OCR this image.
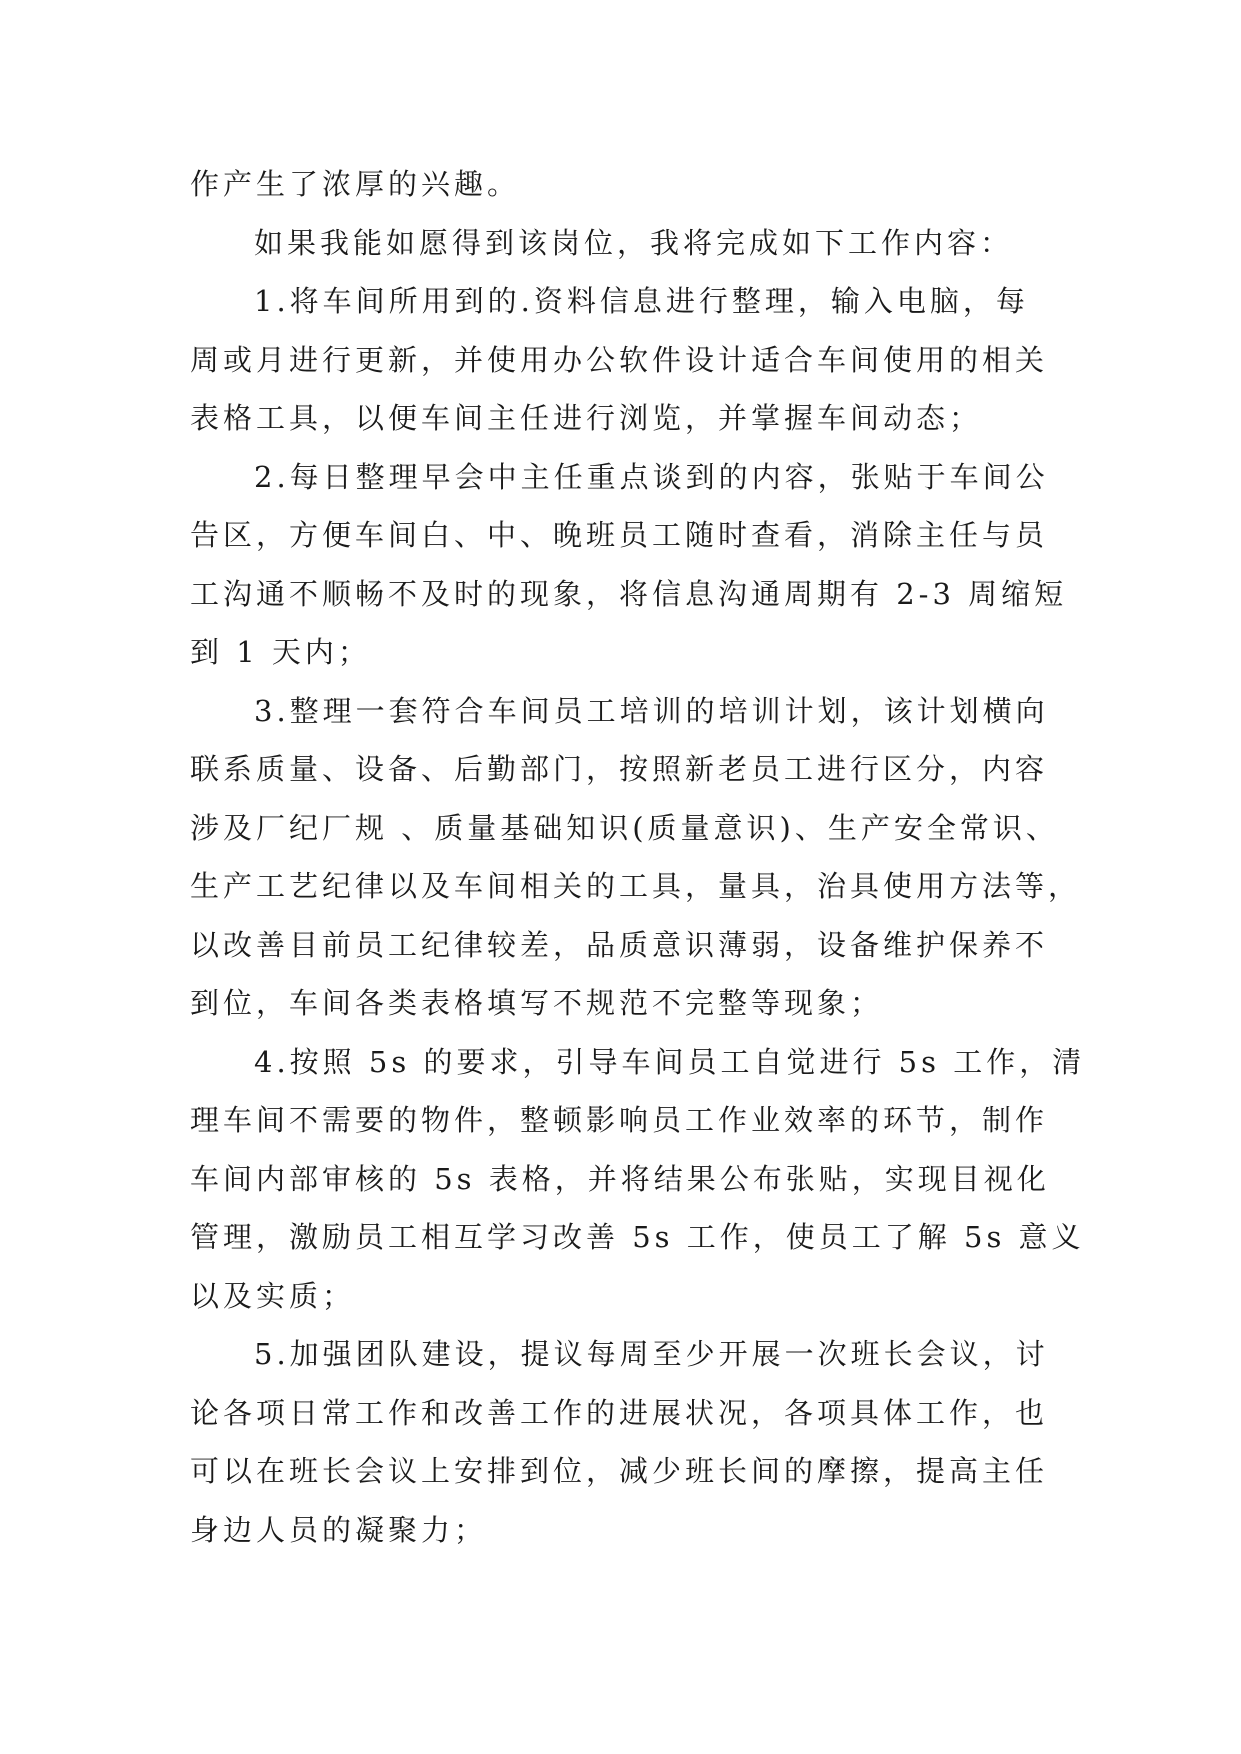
作产生了浓厚的兴趣。
如果我能如愿得到该岗位，我将完成如下工作内容：
1.将车间所用到的.资料信息进行整理，输入电脑，每
周或月进行更新，并使用办公软件设计适合车间使用的相关
表格工具，以便车间主任进行浏览，并掌握车间动态；
2.每日整理早会中主任重点谈到的内容，张贴于车间公
告区，方便车间白、中、晚班员工随时查看，消除主任与员
工沟通不顺畅不及时的现象，将信息沟通周期有 2-3 周缩短
到 1 天内；
3.整理一套符合车间员工培训的培训计划，该计划横向
联系质量、设备、后勤部门，按照新老员工进行区分，内容
涉及厂纪厂规 、质量基础知识(质量意识)、生产安全常识、
生产工艺纪律以及车间相关的工具，量具，治具使用方法等，
以改善目前员工纪律较差，品质意识薄弱，设备维护保养不
到位，车间各类表格填写不规范不完整等现象；
4.按照 5s 的要求，引导车间员工自觉进行 5s 工作，清
理车间不需要的物件，整顿影响员工作业效率的环节，制作
车间内部审核的 5s 表格，并将结果公布张贴，实现目视化
管理，激励员工相互学习改善 5s 工作，使员工了解 5s 意义
以及实质；
5.加强团队建设，提议每周至少开展一次班长会议，讨
论各项日常工作和改善工作的进展状况，各项具体工作，也
可以在班长会议上安排到位，减少班长间的摩擦，提高主任
身边人员的凝聚力；
